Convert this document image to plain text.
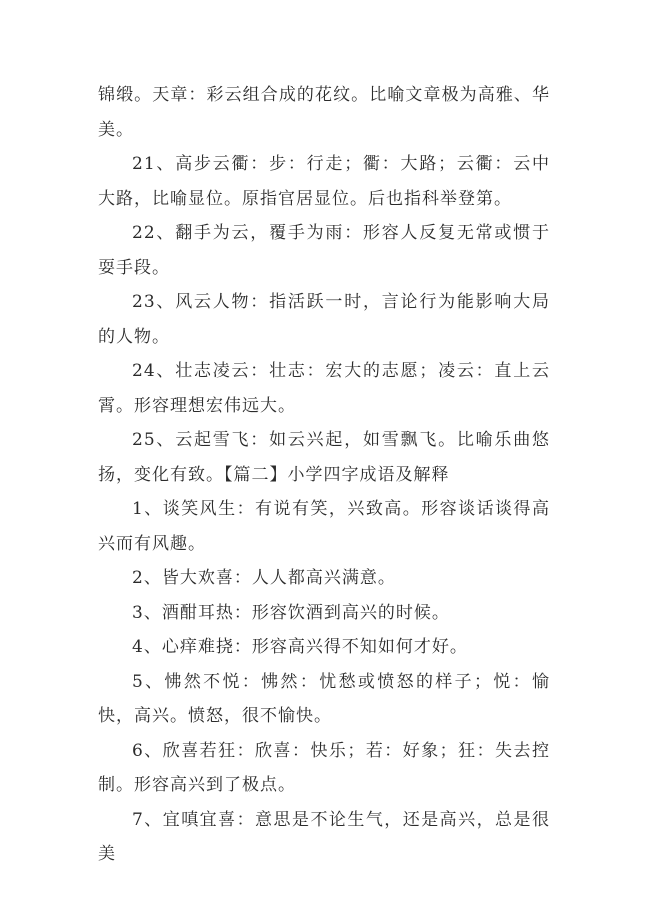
锦缎。天章：彩云组合成的花纹。比喻文章极为高雅、华美。

21、高步云衢：步：行走；衢：大路；云衢：云中大路，比喻显位。原指官居显位。后也指科举登第。

22、翻手为云，覆手为雨：形容人反复无常或惯于耍手段。

23、风云人物：指活跃一时，言论行为能影响大局的人物。

24、壮志凌云：壮志：宏大的志愿；凌云：直上云霄。形容理想宏伟远大。

25、云起雪飞：如云兴起，如雪飘飞。比喻乐曲悠扬，变化有致。【篇二】小学四字成语及解释

1、谈笑风生：有说有笑，兴致高。形容谈话谈得高兴而有风趣。

2、皆大欢喜：人人都高兴满意。

3、酒酣耳热：形容饮酒到高兴的时候。

4、心痒难挠：形容高兴得不知如何才好。

5、怫然不悦：怫然：忧愁或愤怒的样子；悦：愉快，高兴。愤怒，很不愉快。

6、欣喜若狂：欣喜：快乐；若：好象；狂：失去控制。形容高兴到了极点。

7、宜嗔宜喜：意思是不论生气，还是高兴，总是很美
